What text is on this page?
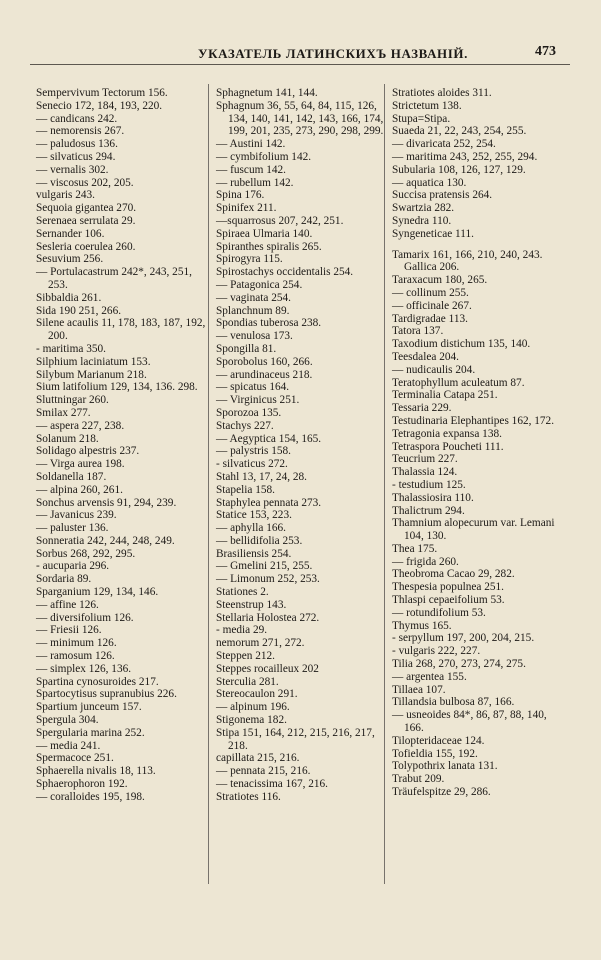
УКАЗАТЕЛЬ ЛАТИНСКИХЪ НАЗВАНІЙ.	473

Sempervivum Tectorum 156.

Senecio 172, 184, 193, 220.

— candicans 242.

— nemorensis 267.

— paludosus 136.

— silvaticus 294.

— vernalis 302.

— viscosus 202, 205.

vulgaris 243.

Sequoia gigantea 270.

Serenaea serrulata 29.

Sernander 106.

Sesleria coerulea 260.

Sesuvium 256.

— Portulacastrum 242*, 243, 251, 253.

Sibbaldia 261.

Sida 190 251, 266.

Silene acaulis 11, 178, 183, 187, 192, 200.

- maritima 350.

Silphium laciniatum 153.

Silybum Marianum 218.

Sium latifolium 129, 134, 136. 298.

Sluttningar 260.

Smilax 277.

— aspera 227, 238.

Solanum 218.

Solidago alpestris 237.

— Virga aurea 198.

Soldanella 187.

— alpina 260, 261.

Sonchus arvensis 91, 294, 239.

— Javanicus 239.

— paluster 136.

Sonneratia 242, 244, 248, 249.

Sorbus 268, 292, 295.

- aucuparia 296.

Sordaria 89.

Sparganium 129, 134, 146.

— affine 126.

— diversifolium 126.

— Friesii 126.

— minimum 126.

— ramosum 126.

— simplex 126, 136.

Spartina cynosuroides 217.

Spartocytisus supranubius 226.

Spartium junceum 157.

Spergula 304.

Spergularia marina 252.

— media 241.

Spermacoce 251.

Sphaerella nivalis 18, 113.

Sphaerophoron 192.

— coralloides 195, 198.

Sphagnetum 141, 144.

Sphagnum 36, 55, 64, 84, 115, 126, 134, 140, 141, 142, 143, 166, 174, 199, 201, 235, 273, 290, 298, 299.

— Austini 142.

— cymbifolium 142.

— fuscum 142.

— rubellum 142.

Spina 176.

Spinifex 211.

—squarrosus 207, 242, 251.

Spiraea Ulmaria 140.

Spiranthes spiralis 265.

Spirogyra 115.

Spirostachys occidentalis 254.

— Patagonica 254.

— vaginata 254.

Splanchnum 89.

Spondias tuberosa 238.

— venulosa 173.

Spongilla 81.

Sporobolus 160, 266.

— arundinaceus 218.

— spicatus 164.

— Virginicus 251.

Sporozoa 135.

Stachys 227.

— Aegyptica 154, 165.

— palystris 158.

- silvaticus 272.

Stahl 13, 17, 24, 28.

Stapelia 158.

Staphylea pennata 273.

Statice 153, 223.

— aphylla 166.

— bellidifolia 253.

Brasiliensis 254.

— Gmelini 215, 255.

— Limonum 252, 253.

Stationes 2.

Steenstrup 143.

Stellaria Holostea 272.

- media 29.

nemorum 271, 272.

Steppen 212.

Steppes rocailleux 202

Sterculia 281.

Stereocaulon 291.

— alpinum 196.

Stigonema 182.

Stipa 151, 164, 212, 215, 216, 217, 218.

capillata 215, 216.

— pennata 215, 216.

— tenacissima 167, 216.

Stratiotes 116.

Stratiotes aloides 311.

Strictetum 138.

Stupa=Stipa.

Suaeda 21, 22, 243, 254, 255.

— divaricata 252, 254.

— maritima 243, 252, 255, 294.

Subularia 108, 126, 127, 129.

— aquatica 130.

Succisa pratensis 264.

Swartzia 282.

Synedra 110.

Syngeneticae 111.

Tamarix 161, 166, 210, 240, 243. Gallica 206.

Taraxacum 180, 265.

— collinum 255.

— officinale 267.

Tardigradae 113.

Tatora 137.

Taxodium distichum 135, 140.

Teesdalea 204.

— nudicaulis 204.

Teratophyllum aculeatum 87.

Terminalia Catapa 251.

Tessaria 229.

Testudinaria Elephantipes 162, 172.

Tetragonia expansa 138.

Tetraspora Poucheti 111.

Teucrium 227.

Thalassia 124.

- testudium 125.

Thalassiosira 110.

Thalictrum 294.

Thamnium alopecurum var. Lemani 104, 130.

Thea 175.

— frigida 260.

Theobroma Cacao 29, 282.

Thespesia populnea 251.

Thlaspi cepaeifolium 53.

— rotundifolium 53.

Thymus 165.

- serpyllum 197, 200, 204, 215.

- vulgaris 222, 227.

Tilia 268, 270, 273, 274, 275.

— argentea 155.

Tillaea 107.

Tillandsia bulbosa 87, 166.

— usneoides 84*, 86, 87, 88, 140, 166.

Tilopteridaceae 124.

Tofieldia 155, 192.

Tolypothrix lanata 131.

Trabut 209.

Träufelspitze 29, 286.
